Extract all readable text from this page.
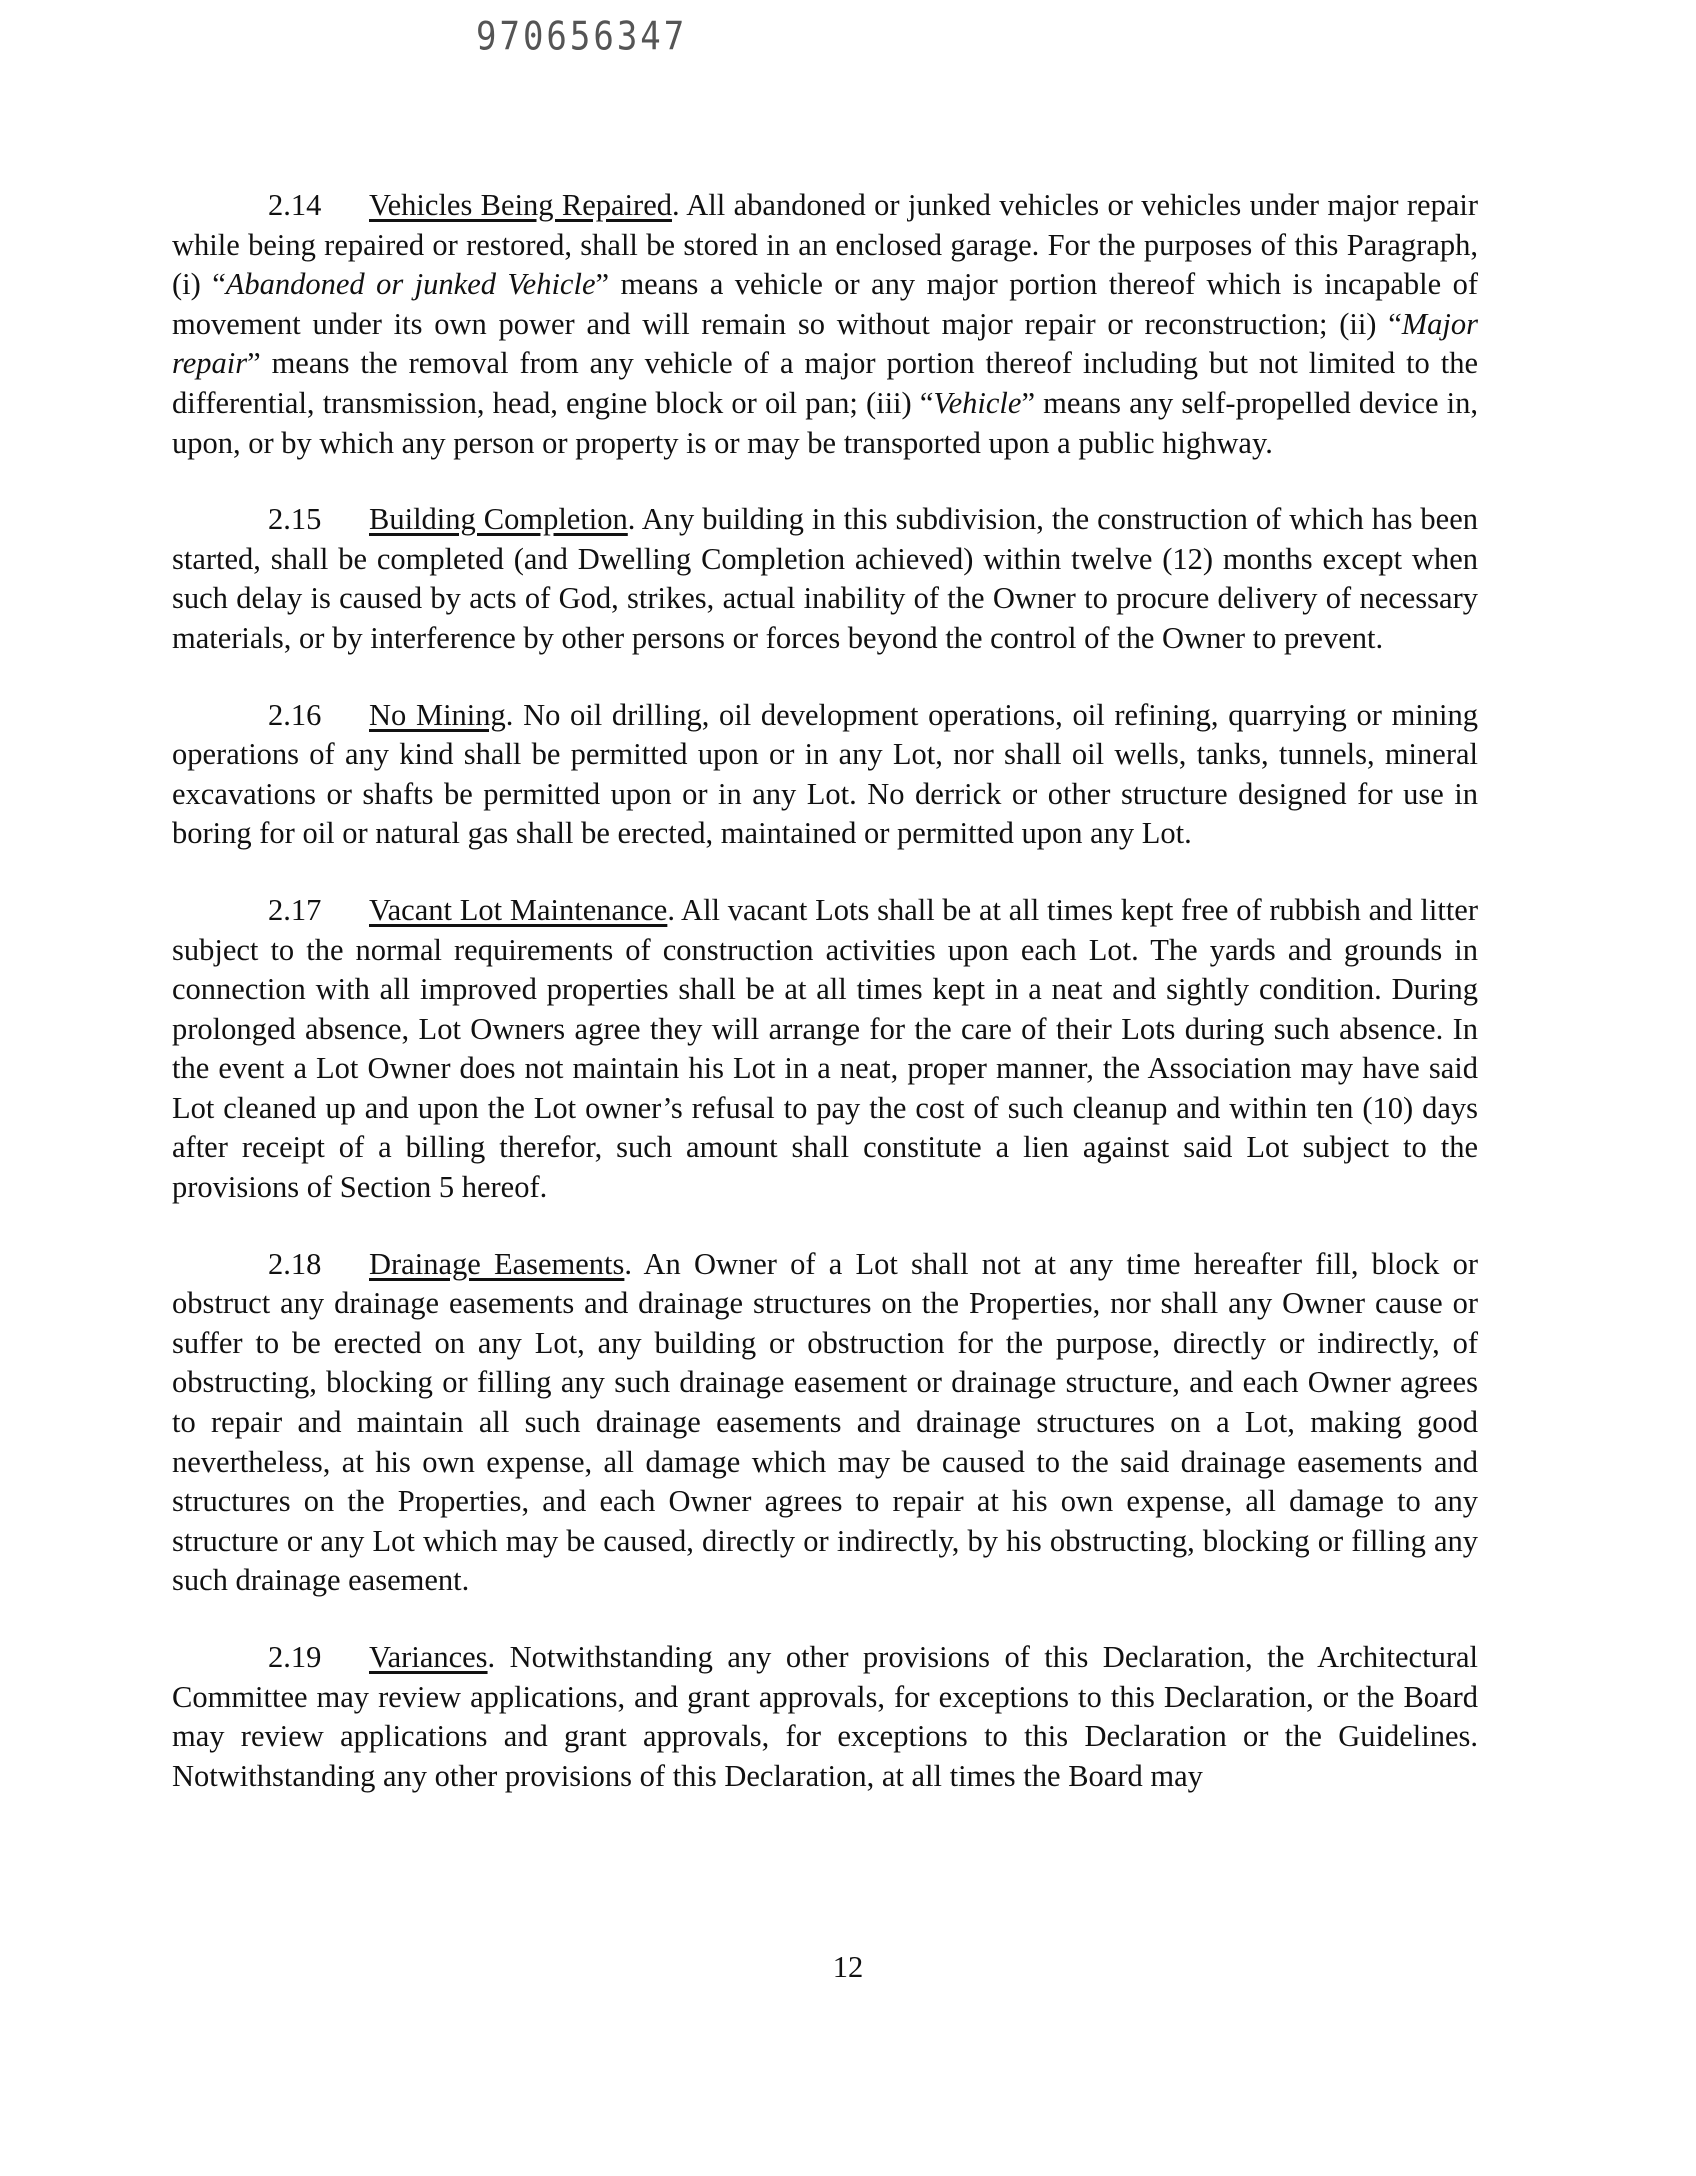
970656347

2.14 Vehicles Being Repaired. All abandoned or junked vehicles or vehicles under major repair while being repaired or restored, shall be stored in an enclosed garage. For the purposes of this Paragraph, (i) “Abandoned or junked Vehicle” means a vehicle or any major portion thereof which is incapable of movement under its own power and will remain so without major repair or reconstruction; (ii) “Major repair” means the removal from any vehicle of a major portion thereof including but not limited to the differential, transmission, head, engine block or oil pan; (iii) “Vehicle” means any self-propelled device in, upon, or by which any person or property is or may be transported upon a public highway.

2.15 Building Completion. Any building in this subdivision, the construction of which has been started, shall be completed (and Dwelling Completion achieved) within twelve (12) months except when such delay is caused by acts of God, strikes, actual inability of the Owner to procure delivery of necessary materials, or by interference by other persons or forces beyond the control of the Owner to prevent.

2.16 No Mining. No oil drilling, oil development operations, oil refining, quarrying or mining operations of any kind shall be permitted upon or in any Lot, nor shall oil wells, tanks, tunnels, mineral excavations or shafts be permitted upon or in any Lot. No derrick or other structure designed for use in boring for oil or natural gas shall be erected, maintained or permitted upon any Lot.

2.17 Vacant Lot Maintenance. All vacant Lots shall be at all times kept free of rubbish and litter subject to the normal requirements of construction activities upon each Lot. The yards and grounds in connection with all improved properties shall be at all times kept in a neat and sightly condition. During prolonged absence, Lot Owners agree they will arrange for the care of their Lots during such absence. In the event a Lot Owner does not maintain his Lot in a neat, proper manner, the Association may have said Lot cleaned up and upon the Lot owner’s refusal to pay the cost of such cleanup and within ten (10) days after receipt of a billing therefor, such amount shall constitute a lien against said Lot subject to the provisions of Section 5 hereof.

2.18 Drainage Easements. An Owner of a Lot shall not at any time hereafter fill, block or obstruct any drainage easements and drainage structures on the Properties, nor shall any Owner cause or suffer to be erected on any Lot, any building or obstruction for the purpose, directly or indirectly, of obstructing, blocking or filling any such drainage easement or drainage structure, and each Owner agrees to repair and maintain all such drainage easements and drainage structures on a Lot, making good nevertheless, at his own expense, all damage which may be caused to the said drainage easements and structures on the Properties, and each Owner agrees to repair at his own expense, all damage to any structure or any Lot which may be caused, directly or indirectly, by his obstructing, blocking or filling any such drainage easement.

2.19 Variances. Notwithstanding any other provisions of this Declaration, the Architectural Committee may review applications, and grant approvals, for exceptions to this Declaration, or the Board may review applications and grant approvals, for exceptions to this Declaration or the Guidelines. Notwithstanding any other provisions of this Declaration, at all times the Board may

12
